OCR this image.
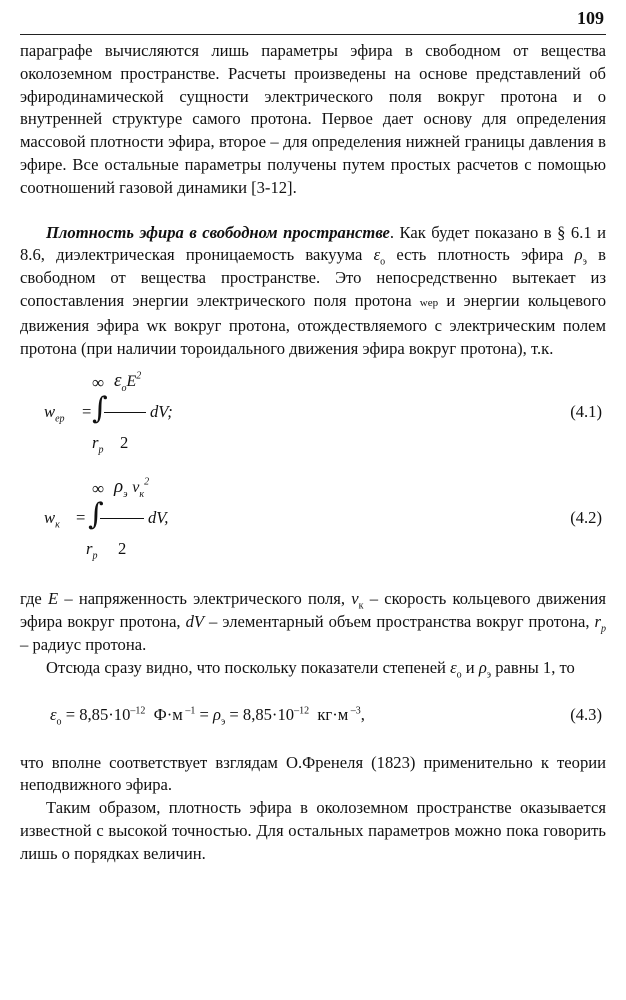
109

параграфе вычисляются лишь параметры эфира в свободном от вещества околоземном пространстве. Расчеты произведены на основе представлений об эфиродинамической сущности электрического поля вокруг протона и о внутренней структуре самого протона. Первое дает основу для определения массовой плотности эфира, второе – для определения нижней границы давления в эфире. Все остальные параметры получены путем простых расчетов с помощью соотношений газовой динамики [3-12].

Плотность эфира в свободном пространстве. Как будет показано в § 6.1 и 8.6, диэлектрическая проницаемость вакуума $\varepsilon_о$ есть плотность эфира $\rho_э$ в свободном от вещества пространстве. Это непосредственно вытекает из сопоставления энергии электрического поля протона wер и энергии кольцевого движения эфира wк вокруг протона, отождествляемого с электрическим полем протона (при наличии тороидального движения эфира вокруг протона), т.к.

∞ $\varepsilon_оE^2$
$w_{ер}$ = ∫	dV;
$r_p$ 2
(4.1)
∞ $\rho_э$ $v_к^2$
$w_к$ = ∫	dV,
$r_p$ 2
(4.2)

где E – напряженность электрического поля, $v_к$ – скорость кольцевого движения эфира вокруг протона, dV – элементарный объем пространства вокруг протона, $r_p$ – радиус протона.

Отсюда сразу видно, что поскольку показатели степеней $\varepsilon_о$ и $\rho_э$ равны 1, то

$\varepsilon_о = 8,85\cdot 10^{-12}$ Ф·м $^{-1} = \rho_э = 8,85\cdot 10^{-12}$ кг·м $^{-3}$,	(4.3)

что вполне соответствует взглядам О.Френеля (1823) применительно к теории неподвижного эфира.

Таким образом, плотность эфира в околоземном пространстве оказывается известной с высокой точностью. Для остальных параметров можно пока говорить лишь о порядках величин.
